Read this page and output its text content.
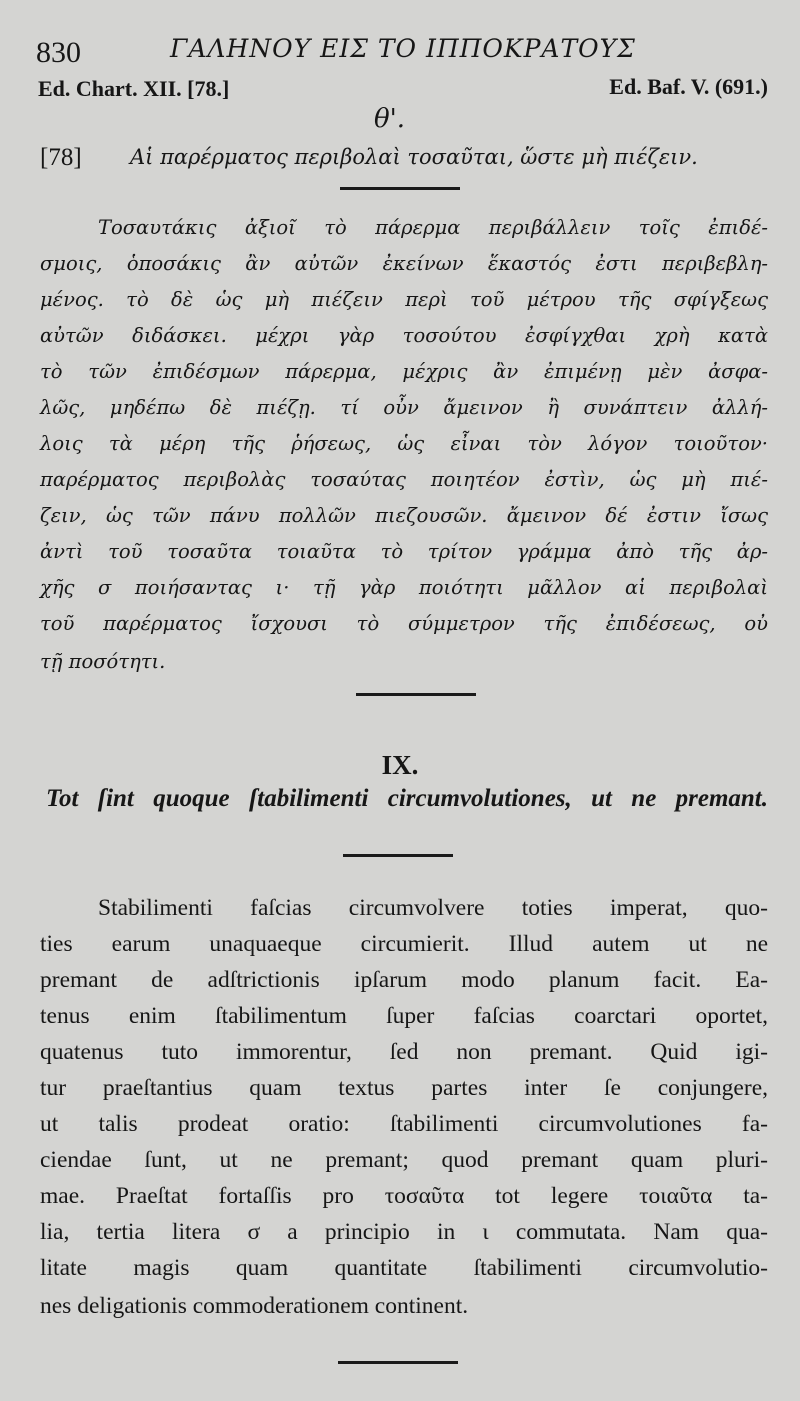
830	ΓΑΛΗΝΟΥ ΕΙΣ ΤΟ ΙΠΠΟΚΡΑΤΟΥΣ
Ed. Chart. XII. [78.]	Ed. Baf. V. (691.)
θ'.
[78] Αἱ παρέρματος περιβολαὶ τοσαῦται, ὥστε μὴ πιέζειν.
Τοσαυτάκις ἀξιοῖ τὸ πάρερμα περιβάλλειν τοῖς ἐπιδέ-
σμοις, ὁποσάκις ἂν αὐτῶν ἐκείνων ἕκαστός ἐστι περιβεβλη-
μένος. τὸ δὲ ὡς μὴ πιέζειν περὶ τοῦ μέτρου τῆς σφίγξεως
αὐτῶν διδάσκει. μέχρι γὰρ τοσούτου ἐσφίγχθαι χρὴ κατὰ
τὸ τῶν ἐπιδέσμων πάρερμα, μέχρις ἂν ἐπιμένῃ μὲν ἀσφα-
λῶς, μηδέπω δὲ πιέζῃ. τί οὖν ἄμεινον ἢ συνάπτειν ἀλλή-
λοις τὰ μέρη τῆς ῥήσεως, ὡς εἶναι τὸν λόγον τοιοῦτον·
παρέρματος περιβολὰς τοσαύτας ποιητέον ἐστὶν, ὡς μὴ πιέ-
ζειν, ὡς τῶν πάνυ πολλῶν πιεζουσῶν. ἄμεινον δέ ἐστιν ἴσως
ἀντὶ τοῦ τοσαῦτα τοιαῦτα τὸ τρίτον γράμμα ἀπὸ τῆς ἀρ-
χῆς σ ποιήσαντας ι· τῇ γὰρ ποιότητι μᾶλλον αἱ περιβολαὶ
τοῦ παρέρματος ἴσχουσι τὸ σύμμετρον τῆς ἐπιδέσεως, οὐ
τῇ ποσότητι.
IX.
Tot ſint quoque ſtabilimenti circumvolutiones, ut ne premant.
Stabilimenti faſcias circumvolvere toties imperat, quo-
ties earum unaquaeque circumierit. Illud autem ut ne
premant de adſtrictionis ipſarum modo planum facit. Ea-
tenus enim ſtabilimentum ſuper faſcias coarctari oportet,
quatenus tuto immorentur, ſed non premant. Quid igi-
tur praeſtantius quam textus partes inter ſe conjungere,
ut talis prodeat oratio: ſtabilimenti circumvolutiones fa-
ciendae ſunt, ut ne premant; quod premant quam pluri-
mae. Praeſtat fortaſſis pro τοσαῦτα tot legere τοιαῦτα ta-
lia, tertia litera σ a principio in ι commutata. Nam qua-
litate magis quam quantitate ſtabilimenti circumvolutio-
nes deligationis commoderationem continent.
